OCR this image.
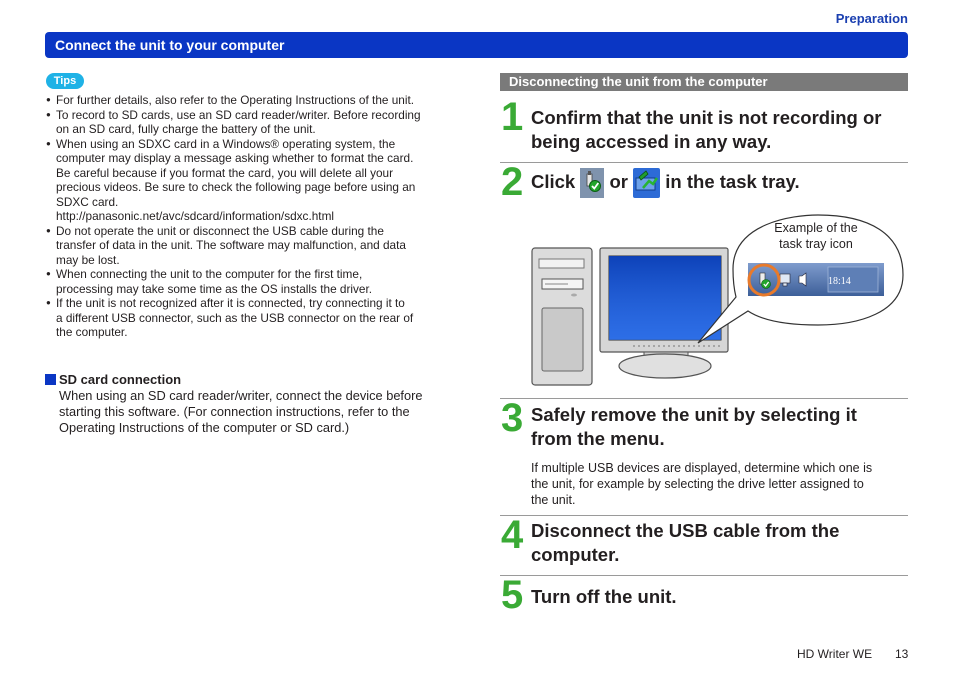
Preparation
Connect the unit to your computer
Tips
● For further details, also refer to the Operating Instructions of the unit.
● To record to SD cards, use an SD card reader/writer. Before recording
on an SD card, fully charge the battery of the unit.
● When using an SDXC card in a Windows® operating system, the
computer may display a message asking whether to format the card.
Be careful because if you format the card, you will delete all your
precious videos. Be sure to check the following page before using an
SDXC card.
http://panasonic.net/avc/sdcard/information/sdxc.html
● Do not operate the unit or disconnect the USB cable during the
transfer of data in the unit. The software may malfunction, and data
may be lost.
● When connecting the unit to the computer for the first time,
processing may take some time as the OS installs the driver.
● If the unit is not recognized after it is connected, try connecting it to
a different USB connector, such as the USB connector on the rear of
the computer.
SD card connection
When using an SD card reader/writer, connect the device before
starting this software. (For connection instructions, refer to the
Operating Instructions of the computer or SD card.)
Disconnecting the unit from the computer
1 Confirm that the unit is not recording or
being accessed in any way.
2 Click or in the task tray.
18:14
Example of the
task tray icon
3 Safely remove the unit by selecting it
from the menu.
If multiple USB devices are displayed, determine which one is
the unit, for example by selecting the drive letter assigned to
the unit.
4 Disconnect the USB cable from the
computer.
5 Turn off the unit.
HD Writer WE 13
